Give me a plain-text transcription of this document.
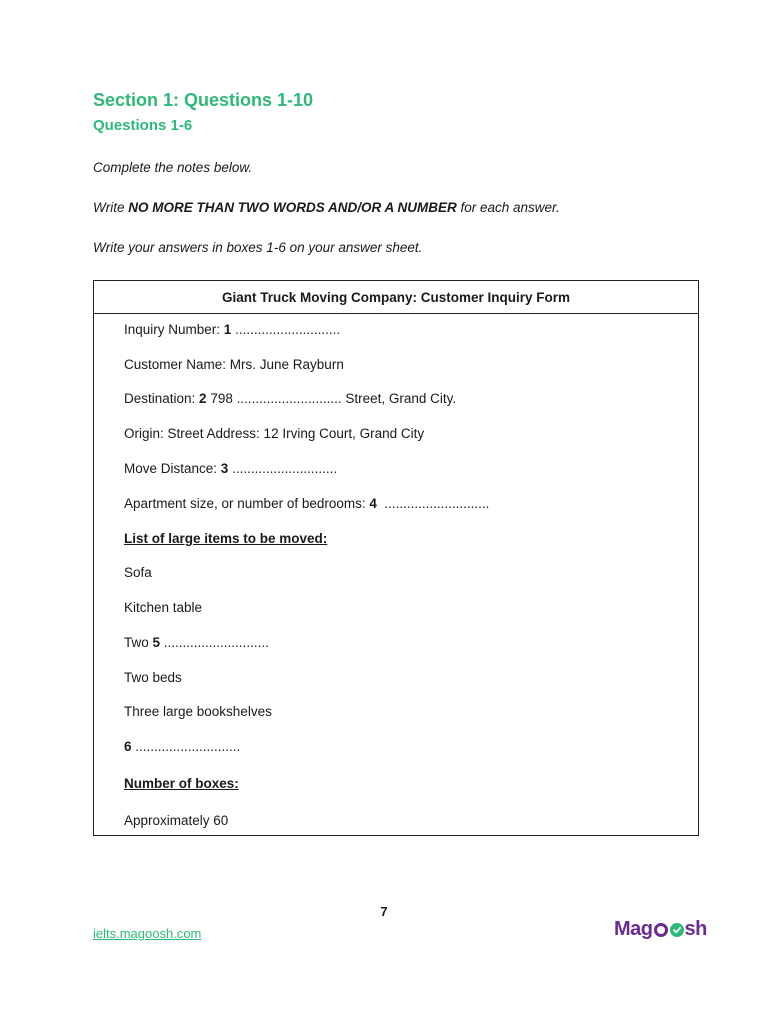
Section 1: Questions 1-10
Questions 1-6

Complete the notes below.

Write NO MORE THAN TWO WORDS AND/OR A NUMBER for each answer.

Write your answers in boxes 1-6 on your answer sheet.

Giant Truck Moving Company: Customer Inquiry Form

Inquiry Number: 1 ............................

Customer Name: Mrs. June Rayburn

Destination: 2 798 ............................ Street, Grand City.

Origin: Street Address: 12 Irving Court, Grand City

Move Distance: 3 ............................

Apartment size, or number of bedrooms: 4 ............................

List of large items to be moved:

Sofa

Kitchen table

Two 5 ............................

Two beds

Three large bookshelves

6 ............................

Number of boxes:

Approximately 60

7
ielts.magoosh.com	Mag sh
